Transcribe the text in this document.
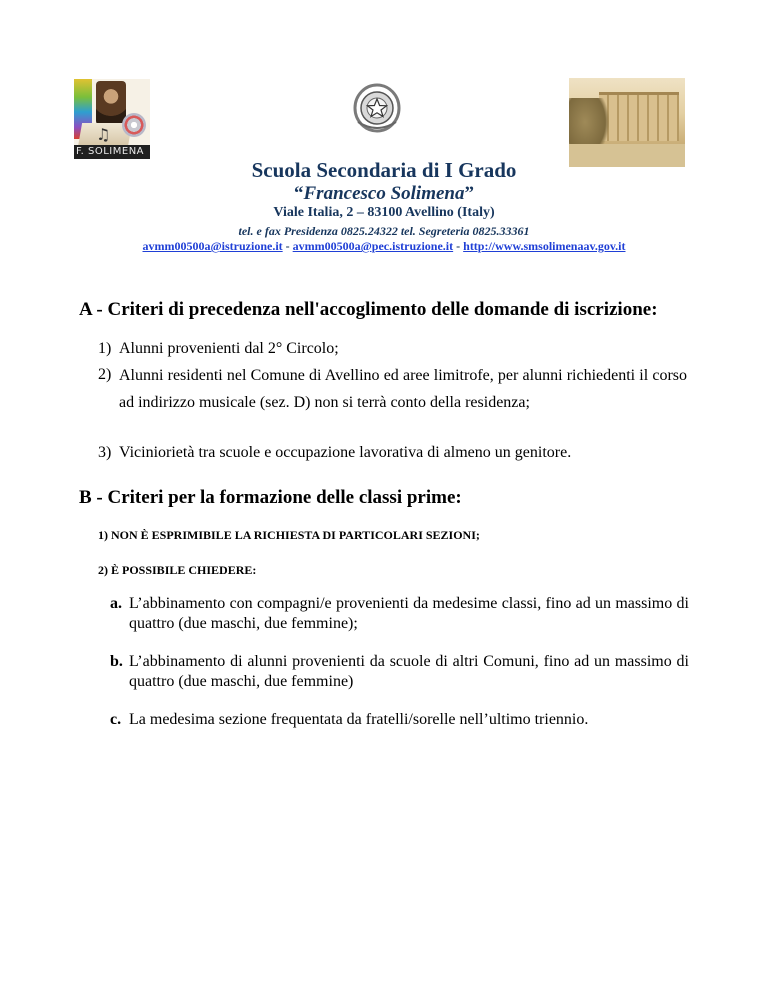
♫
F. SOLIMENA
Scuola Secondaria di I Grado
“Francesco Solimena”
Viale Italia, 2 – 83100 Avellino (Italy)
tel. e fax Presidenza 0825.24322 tel. Segreteria 0825.33361
avmm00500a@istruzione.it - avmm00500a@pec.istruzione.it - http://www.smsolimenaav.gov.it
A - Criteri di precedenza nell'accoglimento delle domande di iscrizione:
1) Alunni provenienti dal 2° Circolo;
2) Alunni residenti nel Comune di Avellino ed aree limitrofe, per alunni richiedenti il corso ad indirizzo musicale (sez. D) non si terrà conto della residenza;
3) Viciniorietà tra scuole e occupazione lavorativa di almeno un genitore.
B - Criteri per la formazione delle classi prime:
1) NON È ESPRIMIBILE LA RICHIESTA DI PARTICOLARI SEZIONI;
2) È POSSIBILE CHIEDERE:
a. L’abbinamento con compagni/e provenienti da medesime classi, fino ad un massimo di quattro (due maschi, due femmine);
b. L’abbinamento di alunni provenienti da scuole di altri Comuni, fino ad un massimo di quattro (due maschi, due femmine)
c. La medesima sezione frequentata da fratelli/sorelle nell’ultimo triennio.
